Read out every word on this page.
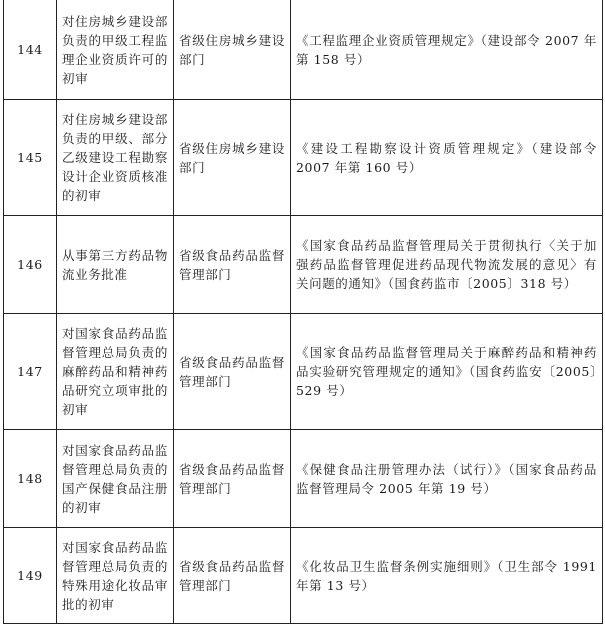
144	对住房城乡建设部负责的甲级工程监理企业资质许可的初审	省级住房城乡建设部门	《工程监理企业资质管理规定》（建设部令 2007 年第 158 号）
145	对住房城乡建设部负责的甲级、部分乙级建设工程勘察设计企业资质核准的初审	省级住房城乡建设部门	《建设工程勘察设计资质管理规定》（建设部令 2007 年第 160 号）
146	从事第三方药品物流业务批准	省级食品药品监督管理部门	《国家食品药品监督管理局关于贯彻执行〈关于加强药品监督管理促进药品现代物流发展的意见〉有关问题的通知》（国食药监市〔2005〕318 号）
147	对国家食品药品监督管理总局负责的麻醉药品和精神药品研究立项审批的初审	省级食品药品监督管理部门	《国家食品药品监督管理局关于麻醉药品和精神药品实验研究管理规定的通知》（国食药监安〔2005〕529 号）
148	对国家食品药品监督管理总局负责的国产保健食品注册的初审	省级食品药品监督管理部门	《保健食品注册管理办法（试行）》（国家食品药品监督管理局令 2005 年第 19 号）
149	对国家食品药品监督管理总局负责的特殊用途化妆品审批的初审	省级食品药品监督管理部门	《化妆品卫生监督条例实施细则》（卫生部令 1991 年第 13 号）
